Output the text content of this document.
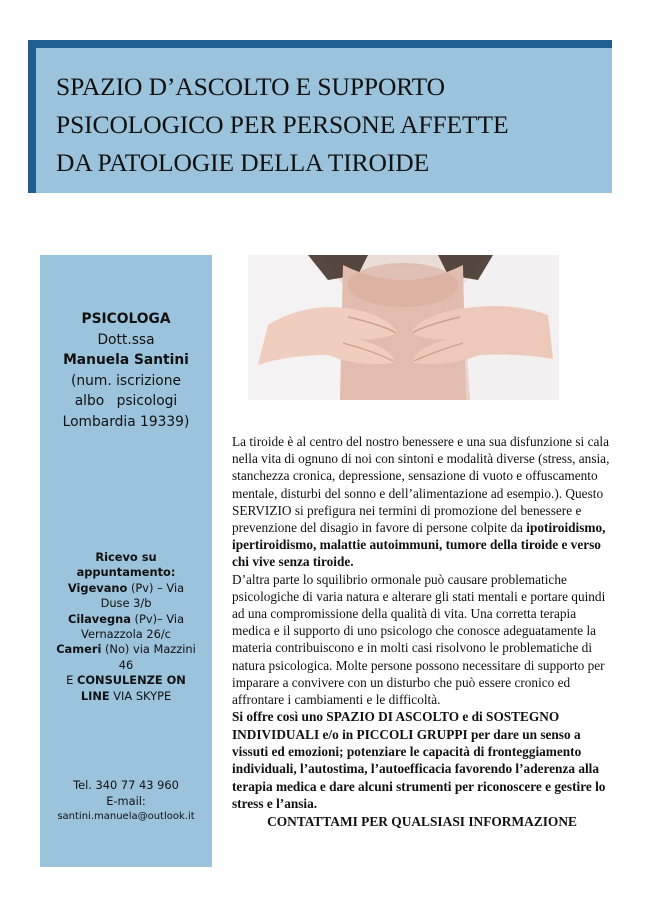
SPAZIO D’ASCOLTO E SUPPORTO
PSICOLOGICO PER PERSONE AFFETTE
DA PATOLOGIE DELLA TIROIDE
PSICOLOGA
Dott.ssa
Manuela Santini
(num. iscrizione
albo psicologi
Lombardia 19339)
Ricevo su
appuntamento:
Vigevano (Pv) – Via
Duse 3/b
Cilavegna (Pv)– Via
Vernazzola 26/c
Cameri (No) via Mazzini
46
E CONSULENZE ON
LINE VIA SKYPE
Tel. 340 77 43 960
E-mail:
santini.manuela@outlook.it

La tiroide è al centro del nostro benessere e una sua disfunzione si cala nella vita di ognuno di noi con sintoni e modalità diverse (stress, ansia, stanchezza cronica, depressione, sensazione di vuoto e offuscamento mentale, disturbi del sonno e dell’alimentazione ad esempio.). Questo SERVIZIO si prefigura nei termini di promozione del benessere e prevenzione del disagio in favore di persone colpite da ipotiroidismo, ipertiroidismo, malattie autoimmuni, tumore della tiroide e verso chi vive senza tiroide.

D’altra parte lo squilibrio ormonale può causare problematiche psicologiche di varia natura e alterare gli stati mentali e portare quindi ad una compromissione della qualità di vita. Una corretta terapia medica e il supporto di uno psicologo che conosce adeguatamente la materia contribuiscono e in molti casi risolvono le problematiche di natura psicologica. Molte persone possono necessitare di supporto per imparare a convivere con un disturbo che può essere cronico ed affrontare i cambiamenti e le difficoltà.

Si offre così uno SPAZIO DI ASCOLTO e di SOSTEGNO INDIVIDUALI e/o in PICCOLI GRUPPI per dare un senso a vissuti ed emozioni; potenziare le capacità di fronteggiamento individuali, l’autostima, l’autoefficacia favorendo l’aderenza alla terapia medica e dare alcuni strumenti per riconoscere e gestire lo stress e l’ansia.

CONTATTAMI PER QUALSIASI INFORMAZIONE
